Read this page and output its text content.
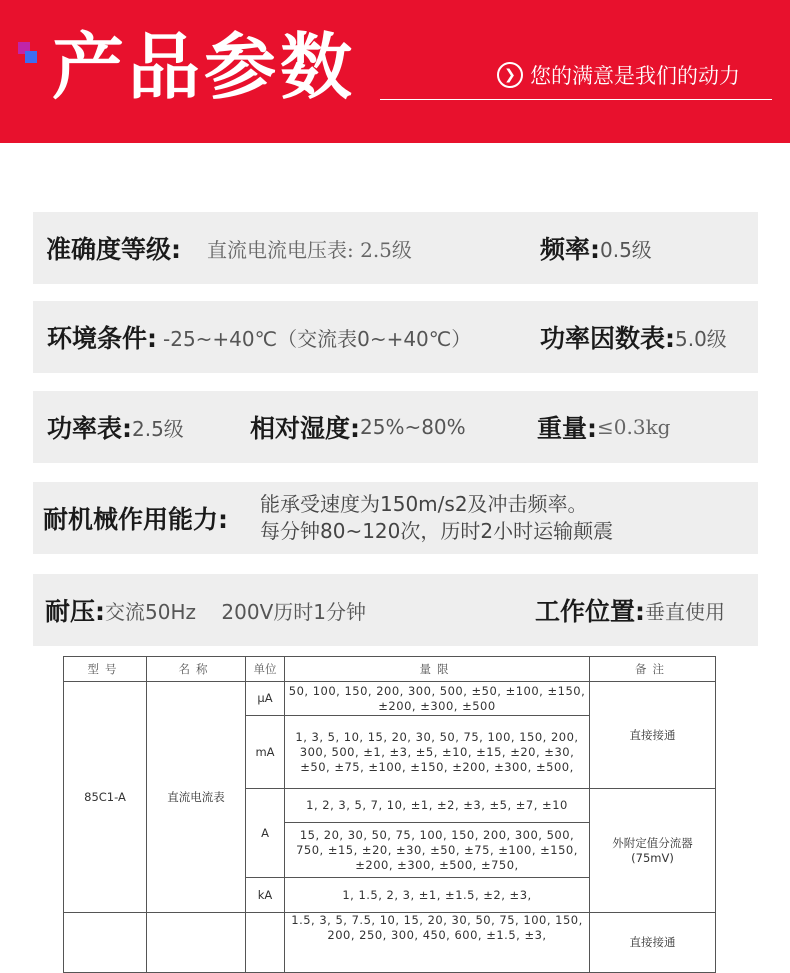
产品参数	❯ 您的满意是我们的动力
准确度等级: 直流电流电压表: 2.5级	频率: 0.5级
环境条件: -25~+40℃（交流表0~+40℃）	功率因数表: 5.0级
功率表: 2.5级	相对湿度: 25%~80%	重量: ≤0.3kg
耐机械作用能力:
能承受速度为150m/s2及冲击频率。
每分钟80~120次，历时2小时运输颠震
耐压: 交流50Hz    200V历时1分钟	工作位置: 垂直使用
型号	名称	单位	量限	备注
85C1-A	直流电流表	μA	50, 100, 150, 200, 300, 500, ±50, ±100, ±150, ±200, ±300, ±500	直接接通
		mA	1, 3, 5, 10, 15, 20, 30, 50, 75, 100, 150, 200, 300, 500, ±1, ±3, ±5, ±10, ±15, ±20, ±30, ±50, ±75, ±100, ±150, ±200, ±300, ±500,	
		A	1, 2, 3, 5, 7, 10, ±1, ±2, ±3, ±5, ±7, ±10	外附定值分流器(75mV)
			15, 20, 30, 50, 75, 100, 150, 200, 300, 500, 750, ±15, ±20, ±30, ±50, ±75, ±100, ±150, ±200, ±300, ±500, ±750,	
		kA	1, 1.5, 2, 3, ±1, ±1.5, ±2, ±3,	
			1.5, 3, 5, 7.5, 10, 15, 20, 30, 50, 75, 100, 150, 200, 250, 300, 450, 600, ±1.5, ±3,	直接接通
